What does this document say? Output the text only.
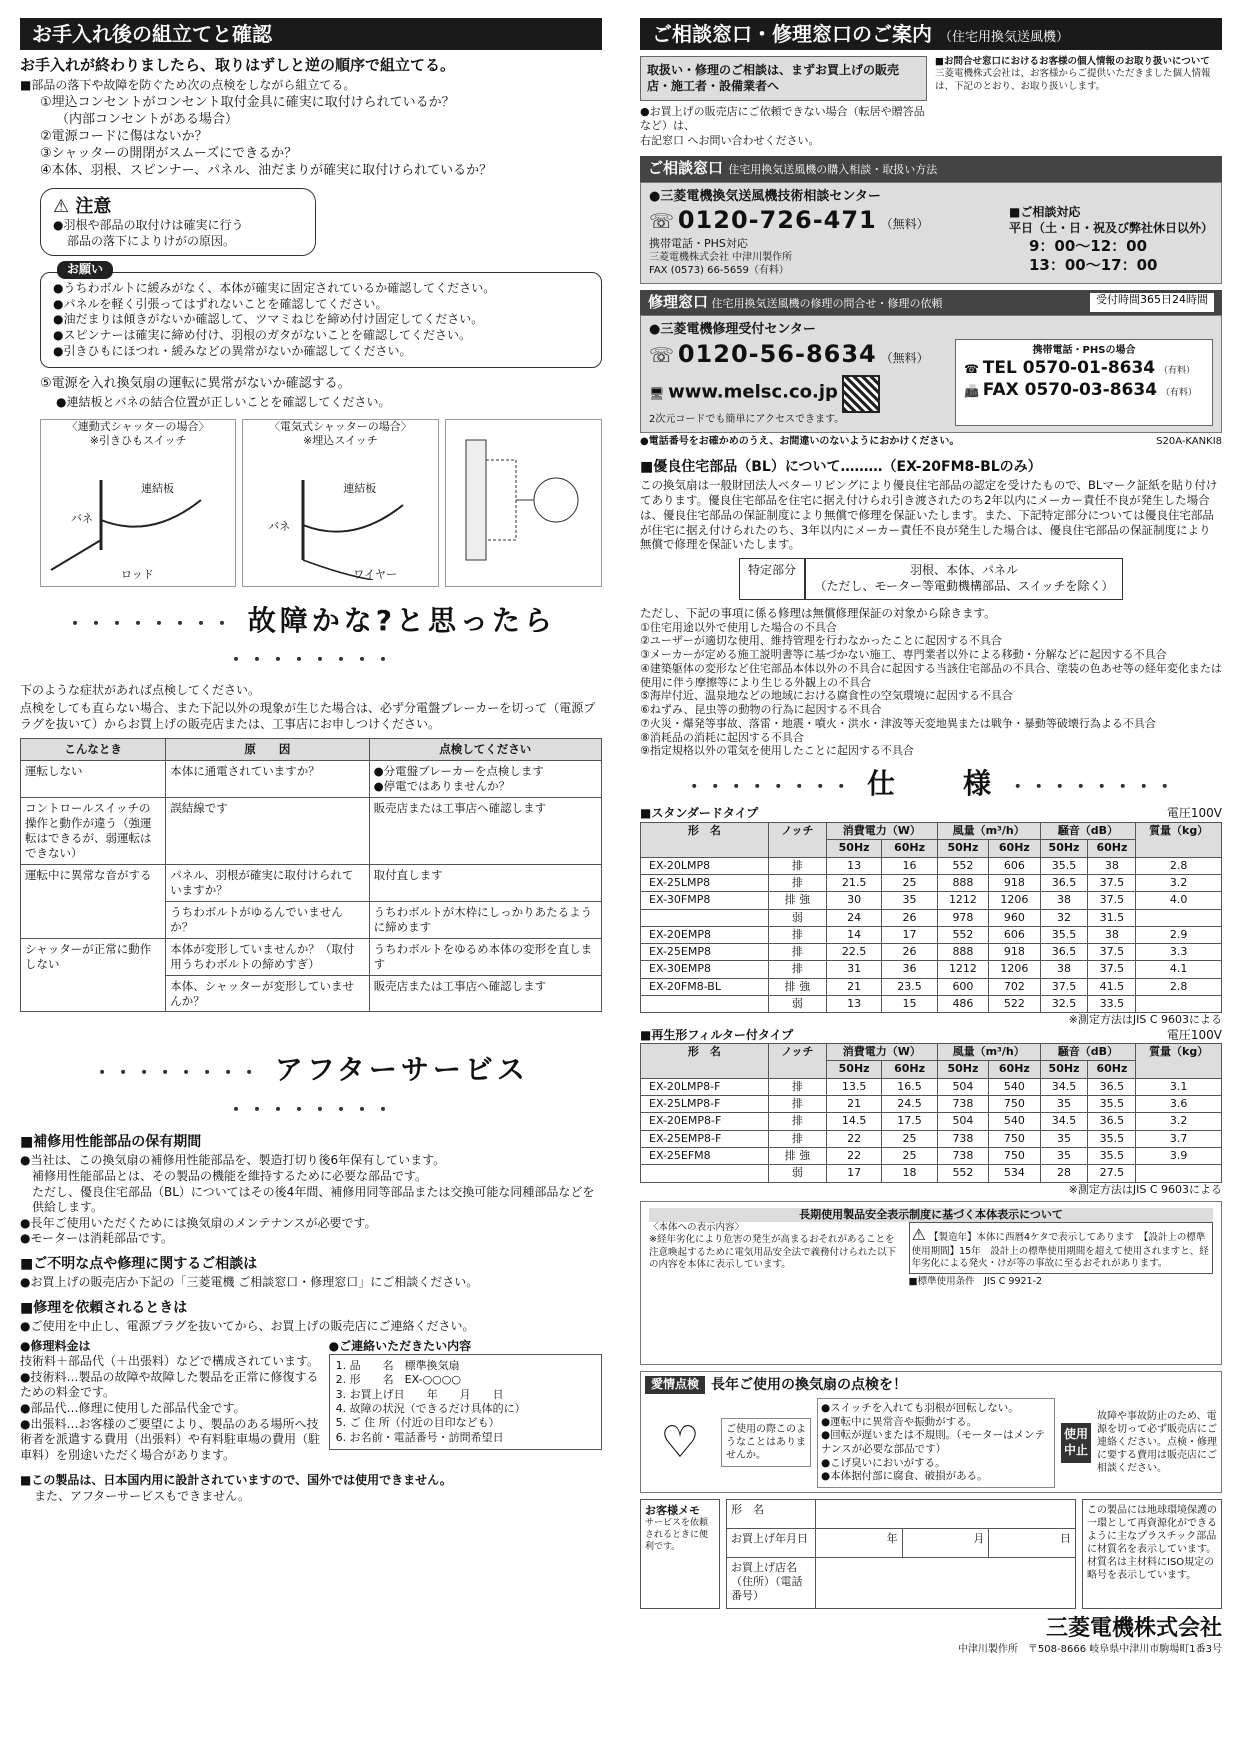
お手入れ後の組立てと確認
お手入れが終わりましたら、取りはずしと逆の順序で組立てる。
■部品の落下や故障を防ぐため次の点検をしながら組立てる。
①埋込コンセントがコンセント取付金具に確実に取付けられているか？
（内部コンセントがある場合）
②電源コードに傷はないか？
③シャッターの開閉がスムーズにできるか？
④本体、羽根、スピンナー、パネル、油だまりが確実に取付けられているか？
⚠ 注意
●羽根や部品の取付けは確実に行う
部品の落下によりけがの原因。
お願い
●うちわボルトに緩みがなく、本体が確実に固定されているか確認してください。
●パネルを軽く引張ってはずれないことを確認してください。
●油だまりは傾きがないか確認して、ツマミねじを締め付け固定してください。
●スピンナーは確実に締め付け、羽根のガタがないことを確認してください。
●引きひもにほつれ・緩みなどの異常がないか確認してください。
⑤電源を入れ換気扇の運転に異常がないか確認する。
●連結板とバネの結合位置が正しいことを確認してください。
〈連動式シャッターの場合〉
※引きひもスイッチ
連結板
バネ
ロッド
〈電気式シャッターの場合〉
※埋込スイッチ
連結板
バネ
ワイヤー
・・・・・・・・ 故障かな?と思ったら ・・・・・・・・
下のような症状があれば点検してください。
点検をしても直らない場合、また下記以外の現象が生じた場合は、必ず分電盤ブレーカーを切って（電源プラグを抜いて）からお買上げの販売店または、工事店にお申しつけください。
こんなとき	原　　因	点検してください
運転しない	本体に通電されていますか？	●分電盤ブレーカーを点検します
●停電ではありませんか？
コントロールスイッチの操作と動作が違う（強運転はできるが、弱運転はできない）	誤結線です	販売店または工事店へ確認します
運転中に異常な音がする	パネル、羽根が確実に取付けられていますか？	取付直します
	うちわボルトがゆるんでいませんか？	うちわボルトが木枠にしっかりあたるように締めます
シャッターが正常に動作しない	本体が変形していませんか？（取付用うちわボルトの締めすぎ）	うちわボルトをゆるめ本体の変形を直します
	本体、シャッターが変形していませんか？	販売店または工事店へ確認します
・・・・・・・・ アフターサービス ・・・・・・・・
■補修用性能部品の保有期間
●当社は、この換気扇の補修用性能部品を、製造打切り後6年保有しています。
補修用性能部品とは、その製品の機能を維持するために必要な部品です。
ただし、優良住宅部品（BL）についてはその後4年間、補修用同等部品または交換可能な同種部品などを供給します。
●長年ご使用いただくためには換気扇のメンテナンスが必要です。
●モーターは消耗部品です。
■ご不明な点や修理に関するご相談は
●お買上げの販売店か下記の「三菱電機 ご相談窓口・修理窓口」にご相談ください。
■修理を依頼されるときは
●ご使用を中止し、電源プラグを抜いてから、お買上げの販売店にご連絡ください。
●修理料金は
技術料＋部品代（＋出張料）などで構成されています。
●技術料…製品の故障や故障した製品を正常に修復するための料金です。
●部品代…修理に使用した部品代金です。
●出張料…お客様のご要望により、製品のある場所へ技術者を派遣する費用（出張料）や有料駐車場の費用（駐車料）を別途いただく場合があります。
●ご連絡いただきたい内容
1. 品　　名　標準換気扇
2. 形　　名　EX-○○○○
3. お買上げ日　　年　　月　　日
4. 故障の状況（できるだけ具体的に）
5. ご 住 所（付近の目印なども）
6. お名前・電話番号・訪問希望日
■この製品は、日本国内用に設計されていますので、国外では使用できません。
また、アフターサービスもできません。
ご相談窓口・修理窓口のご案内 （住宅用換気送風機）
取扱い・修理のご相談は、まずお買上げの販売店・施工者・設備業者へ
●お買上げの販売店にご依頼できない場合（転居や贈答品など）は、
右記窓口 へお問い合わせください。
■お問合せ窓口におけるお客様の個人情報のお取り扱いについて
三菱電機株式会社は、お客様からご提供いただきました個人情報は、下記のとおり、お取り扱いします。
ご相談窓口 住宅用換気送風機の購入相談・取扱い方法
●三菱電機換気送風機技術相談センター
☏ 0120-726-471 （無料）
携帯電話・PHS対応
三菱電機株式会社 中津川製作所
FAX (0573) 66-5659（有料）
■ご相談対応
平日（土・日・祝及び弊社休日以外）
9：00～12：00
13：00～17：00
修理窓口 住宅用換気送風機の修理の問合せ・修理の依頼	受付時間365日24時間
●三菱電機修理受付センター
☏ 0120-56-8634 （無料）
🖥 www.melsc.co.jp
2次元コードでも簡単にアクセスできます。
携帯電話・PHSの場合
☎ TEL 0570-01-8634 （有料）
📠 FAX 0570-03-8634 （有料）
●電話番号をお確かめのうえ、お間違いのないようにおかけください。	S20A-KANKI8
■優良住宅部品（BL）について………（EX-20FM8-BLのみ）
この換気扇は一般財団法人ベターリビングにより優良住宅部品の認定を受けたもので、BLマーク証紙を貼り付けてあります。優良住宅部品を住宅に据え付けられ引き渡されたのち2年以内にメーカー責任不良が発生した場合は、優良住宅部品の保証制度により無償で修理を保証いたします。また、下記特定部分については優良住宅部品が住宅に据え付けられたのち、3年以内にメーカー責任不良が発生した場合は、優良住宅部品の保証制度により無償で修理を保証いたします。
特定部分	羽根、本体、パネル
（ただし、モーター等電動機構部品、スイッチを除く）
ただし、下記の事項に係る修理は無償修理保証の対象から除きます。
①住宅用途以外で使用した場合の不具合
②ユーザーが適切な使用、維持管理を行わなかったことに起因する不具合
③メーカーが定める施工説明書等に基づかない施工、専門業者以外による移動・分解などに起因する不具合
④建築躯体の変形など住宅部品本体以外の不具合に起因する当該住宅部品の不具合、塗装の色あせ等の経年変化または使用に伴う摩擦等により生じる外観上の不具合
⑤海岸付近、温泉地などの地域における腐食性の空気環境に起因する不具合
⑥ねずみ、昆虫等の動物の行為に起因する不具合
⑦火災・爆発等事故、落雷・地震・噴火・洪水・津波等天変地異または戦争・暴動等破壊行為よる不具合
⑧消耗品の消耗に起因する不具合
⑨指定規格以外の電気を使用したことに起因する不具合
・・・・・・・・ 仕　　様 ・・・・・・・・
■スタンダードタイプ	電圧100V
形　名	ノッチ	消費電力（W）		風量（m³/h）		騒音（dB）		質量（kg）
		50Hz	60Hz	50Hz	60Hz	50Hz	60Hz	
EX-20LMP8	排	13	16	552	606	35.5	38	2.8
EX-25LMP8	排	21.5	25	888	918	36.5	37.5	3.2
EX-30FMP8	排 強	30	35	1212	1206	38	37.5	4.0
	弱	24	26	978	960	32	31.5	
EX-20EMP8	排	14	17	552	606	35.5	38	2.9
EX-25EMP8	排	22.5	26	888	918	36.5	37.5	3.3
EX-30EMP8	排	31	36	1212	1206	38	37.5	4.1
EX-20FM8-BL	排 強	21	23.5	600	702	37.5	41.5	2.8
	弱	13	15	486	522	32.5	33.5	
※測定方法はJIS C 9603による
■再生形フィルター付タイプ	電圧100V
形　名	ノッチ	消費電力（W）		風量（m³/h）		騒音（dB）		質量（kg）
		50Hz	60Hz	50Hz	60Hz	50Hz	60Hz	
EX-20LMP8-F	排	13.5	16.5	504	540	34.5	36.5	3.1
EX-25LMP8-F	排	21	24.5	738	750	35	35.5	3.6
EX-20EMP8-F	排	14.5	17.5	504	540	34.5	36.5	3.2
EX-25EMP8-F	排	22	25	738	750	35	35.5	3.7
EX-25EFM8	排 強	22	25	738	750	35	35.5	3.9
	弱	17	18	552	534	28	27.5	
※測定方法はJIS C 9603による
長期使用製品安全表示制度に基づく本体表示について
〈本体への表示内容〉
※経年劣化により危害の発生が高まるおそれがあることを注意喚起するために電気用品安全法で義務付けられた以下の内容を本体に表示しています。
⚠ 【製造年】本体に西暦4ケタで表示してあります　【設計上の標準使用期間】15年　設計上の標準使用期間を超えて使用されますと、経年劣化による発火・けが等の事故に至るおそれがあります。
■標準使用条件　JIS C 9921-2
愛情点検 長年ご使用の換気扇の点検を！
♡	ご使用の際このようなことはありませんか。
●スイッチを入れても羽根が回転しない。
●運転中に異常音や振動がする。
●回転が遅いまたは不規則。（モーターはメンテナンスが必要な部品です）
●こげ臭いにおいがする。
●本体据付部に腐食、破損がある。
使用中止
故障や事故防止のため、電源を切って必ず販売店にご連絡ください。点検・修理に要する費用は販売店にご相談ください。
お客様メモ
サービスを依頼されるときに便利です。
形　名			
お買上げ年月日	年	月	日
お買上げ店名（住所）（電話番号）			
この製品には地球環境保護の一環として再資源化ができるように主なプラスチック部品に材質名を表示しています。材質名は主材料にISO規定の略号を表示しています。
三菱電機株式会社
中津川製作所　〒508-8666 岐阜県中津川市駒場町1番3号
